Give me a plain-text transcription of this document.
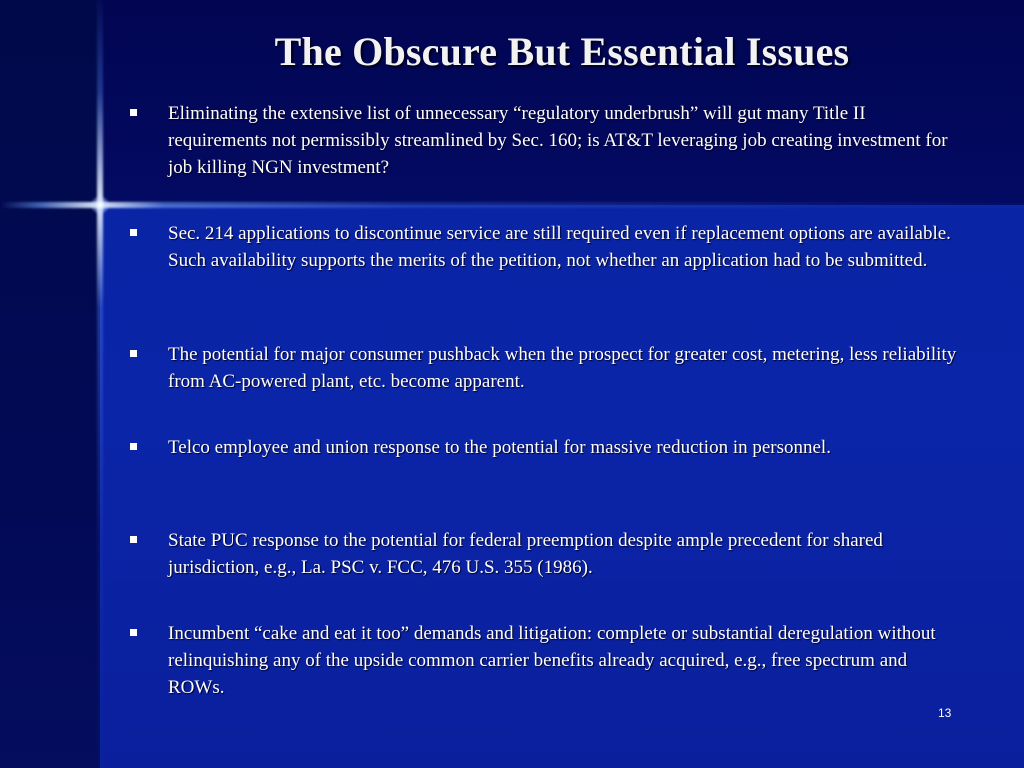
The Obscure But Essential Issues
Eliminating the extensive list of unnecessary “regulatory underbrush” will gut many Title II requirements not permissibly streamlined by Sec. 160; is AT&T leveraging job creating investment for job killing NGN investment?
Sec. 214 applications to discontinue service are still required even if replacement options are available. Such availability supports the merits of the petition, not whether an application had to be submitted.
The potential for major consumer pushback when the prospect for greater cost, metering, less reliability from AC-powered plant, etc. become apparent.
Telco employee and union response to the potential for massive reduction in personnel.
State PUC response to the potential for federal preemption despite ample precedent for shared jurisdiction, e.g., La. PSC v. FCC, 476 U.S. 355 (1986).
Incumbent “cake and eat it too” demands and litigation: complete or substantial deregulation without relinquishing any of the upside common carrier benefits already acquired, e.g., free spectrum and ROWs.
13
